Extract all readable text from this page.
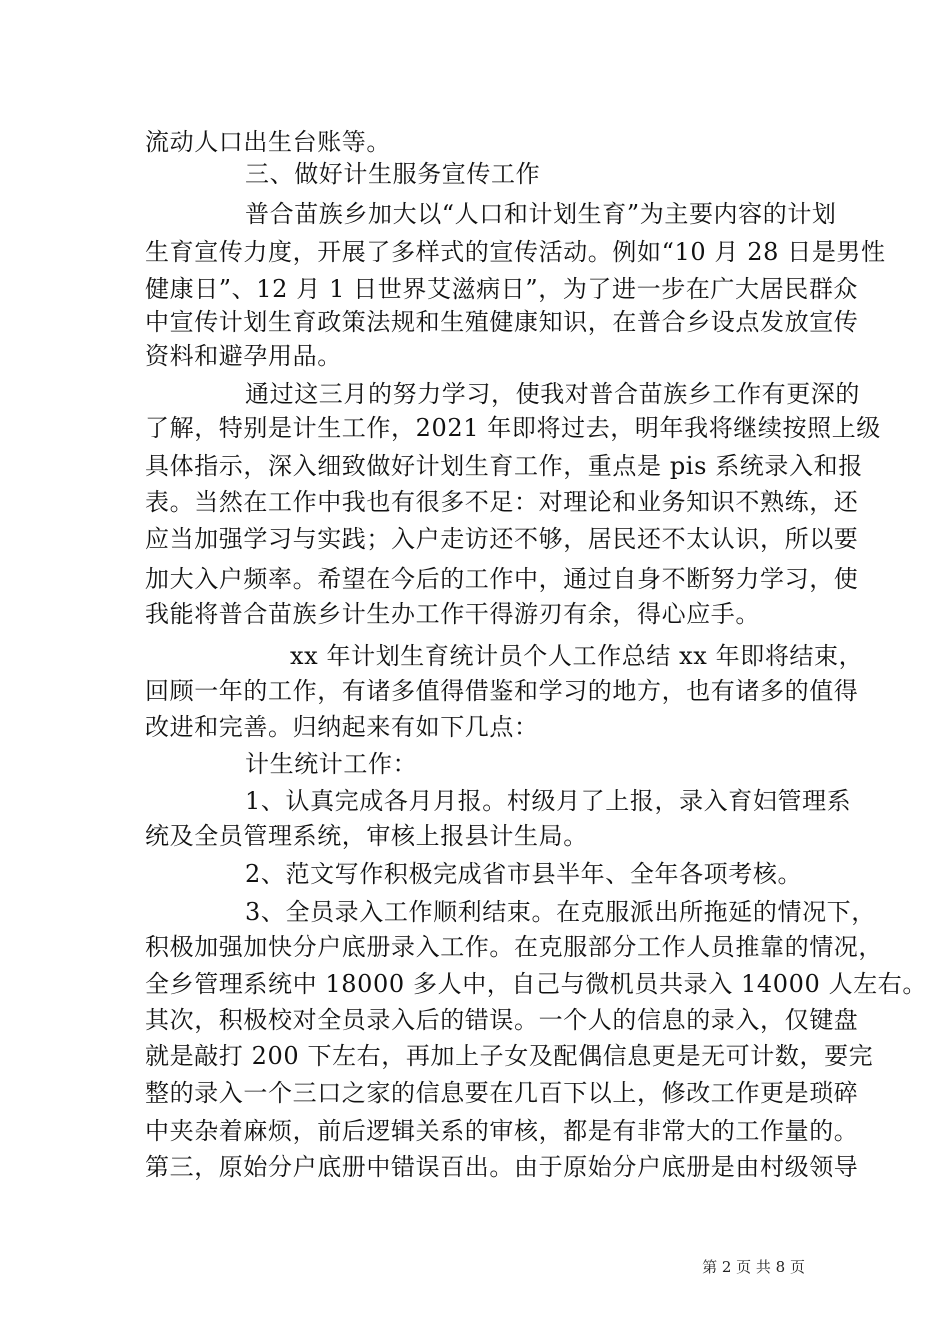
流动人口出生台账等。
三、做好计生服务宣传工作
普合苗族乡加大以“人口和计划生育”为主要内容的计划
生育宣传力度，开展了多样式的宣传活动。例如“10 月 28 日是男性
健康日”、12 月 1 日世界艾滋病日”，为了进一步在广大居民群众
中宣传计划生育政策法规和生殖健康知识，在普合乡设点发放宣传
资料和避孕用品。
通过这三月的努力学习，使我对普合苗族乡工作有更深的
了解，特别是计生工作，2021 年即将过去，明年我将继续按照上级
具体指示，深入细致做好计划生育工作，重点是 pis 系统录入和报
表。当然在工作中我也有很多不足：对理论和业务知识不熟练，还
应当加强学习与实践；入户走访还不够，居民还不太认识，所以要
加大入户频率。希望在今后的工作中，通过自身不断努力学习，使
我能将普合苗族乡计生办工作干得游刃有余，得心应手。
xx 年计划生育统计员个人工作总结 xx 年即将结束，
回顾一年的工作，有诸多值得借鉴和学习的地方，也有诸多的值得
改进和完善。归纳起来有如下几点：
计生统计工作：
1、认真完成各月月报。村级月了上报，录入育妇管理系
统及全员管理系统，审核上报县计生局。
2、范文写作积极完成省市县半年、全年各项考核。
3、全员录入工作顺利结束。在克服派出所拖延的情况下，
积极加强加快分户底册录入工作。在克服部分工作人员推靠的情况，
全乡管理系统中 18000 多人中，自己与微机员共录入 14000 人左右。
其次，积极校对全员录入后的错误。一个人的信息的录入，仅键盘
就是敲打 200 下左右，再加上子女及配偶信息更是无可计数，要完
整的录入一个三口之家的信息要在几百下以上，修改工作更是琐碎
中夹杂着麻烦，前后逻辑关系的审核，都是有非常大的工作量的。
第三，原始分户底册中错误百出。由于原始分户底册是由村级领导
第 2 页 共 8 页
